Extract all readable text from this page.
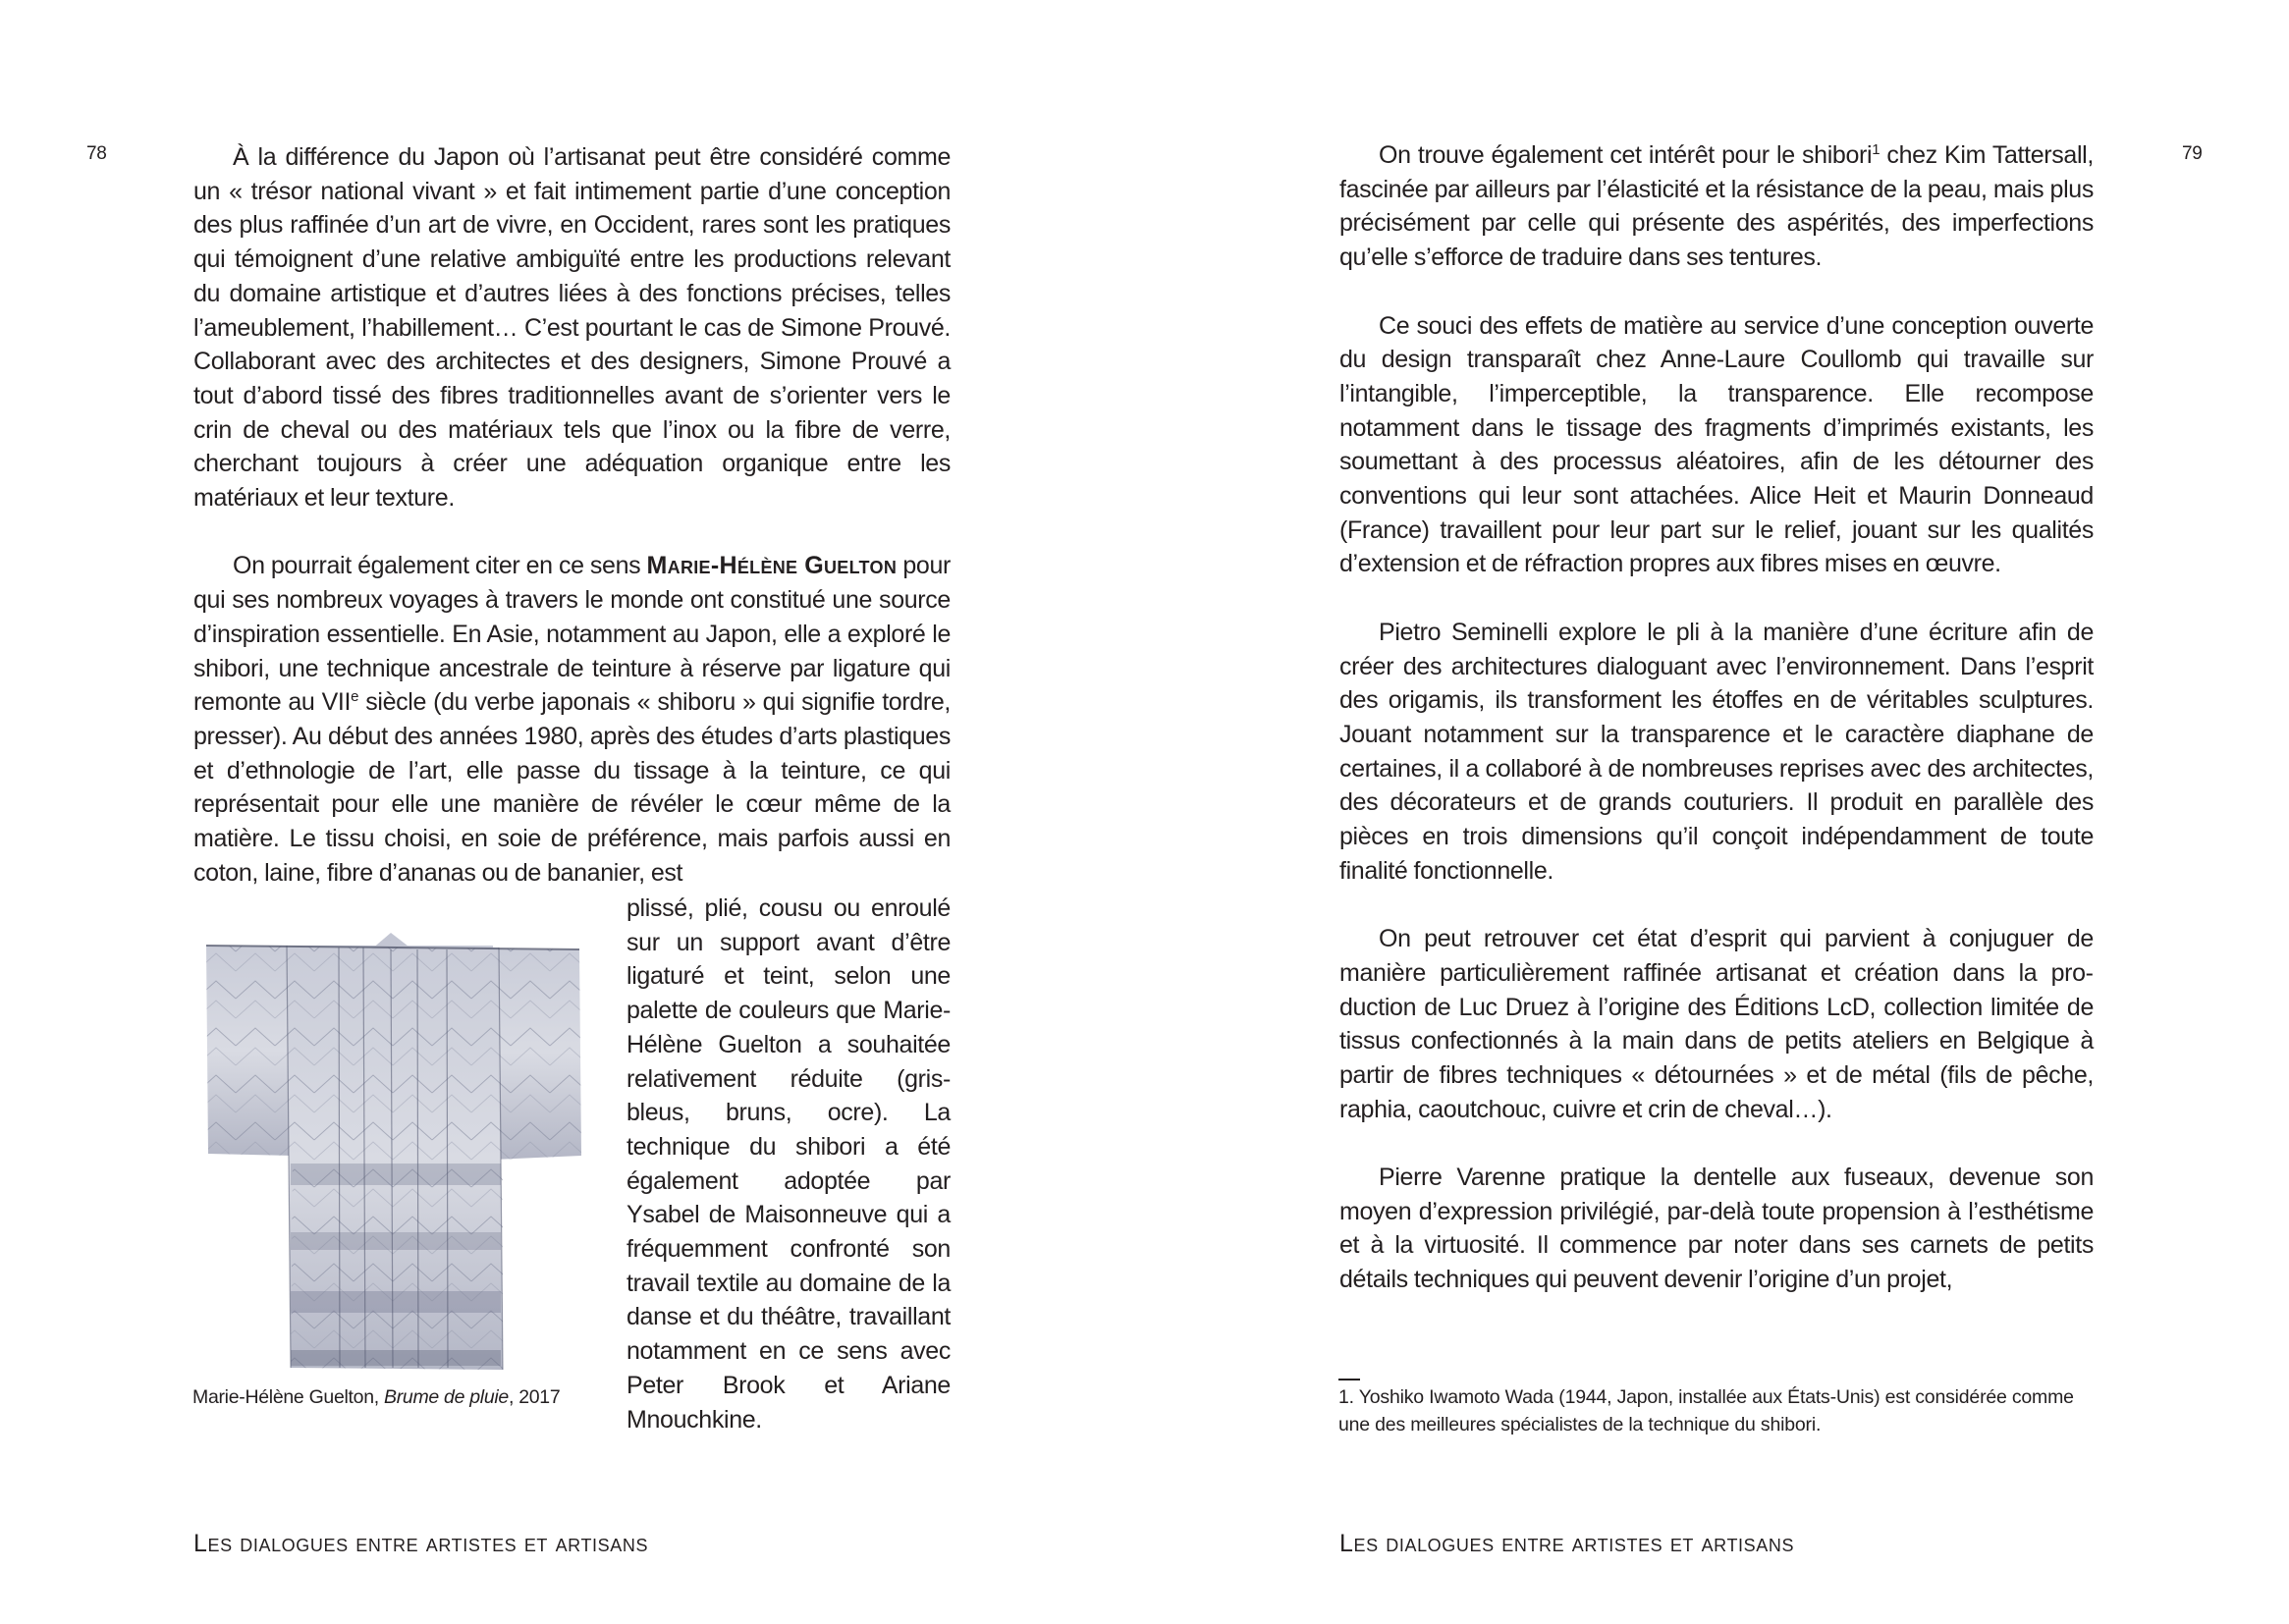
78	À la différence du Japon où l’artisanat peut être considéré comme un « trésor national vivant » et fait intimement partie d’une conception des plus raffinée d’un art de vivre, en Occident, rares sont les pratiques qui témoignent d’une relative ambiguïté entre les productions relevant du domaine artistique et d’autres liées à des fonctions précises, telles l’ameublement, l’habillement… C’est pourtant le cas de Simone Prouvé. Collaborant avec des architectes et des designers, Simone Prouvé a tout d’abord tissé des fibres traditionnelles avant de s’orienter vers le crin de cheval ou des matériaux tels que l’inox ou la fibre de verre, cherchant toujours à créer une adéquation organique entre les matériaux et leur texture.

On pourrait également citer en ce sens Marie-Hélène Guelton pour qui ses nombreux voyages à travers le monde ont constitué une source d’inspiration essentielle. En Asie, notamment au Japon, elle a exploré le shibori, une technique ancestrale de teinture à réserve par ligature qui remonte au VIIe siècle (du verbe japonais « shiboru » qui signifie tordre, presser). Au début des années 1980, après des études d’arts plastiques et d’ethnologie de l’art, elle passe du tissage à la teinture, ce qui représentait pour elle une manière de révéler le cœur même de la matière. Le tissu choisi, en soie de préférence, mais parfois aussi en coton, laine, fibre d’ananas ou de bananier, est

Marie-Hélène Guelton, Brume de pluie, 2017

plissé, plié, cousu ou enroulé sur un support avant d’être ligaturé et teint, selon une palette de couleurs que Marie-Hélène Guelton a souhaitée relativement réduite (gris-bleus, bruns, ocre). La technique du shibori a été également adoptée par Ysabel de Maisonneuve qui a fréquemment confronté son travail textile au domaine de la danse et du théâtre, travaillant notamment en ce sens avec Peter Brook et Ariane Mnouchkine.

Les dialogues entre artistes et artisans
79

On trouve également cet intérêt pour le shibori$^1$ chez Kim Tattersall, fascinée par ailleurs par l’élasticité et la résistance de la peau, mais plus précisément par celle qui présente des aspérités, des imperfections qu’elle s’efforce de traduire dans ses tentures.

Ce souci des effets de matière au service d’une conception ouverte du design transparaît chez Anne-Laure Coullomb qui travaille sur l’intangible, l’imperceptible, la transparence. Elle recompose notamment dans le tissage des fragments d’imprimés existants, les soumettant à des processus aléatoires, afin de les détourner des conventions qui leur sont attachées. Alice Heit et Maurin Donneaud (France) travaillent pour leur part sur le relief, jouant sur les qualités d’extension et de réfraction propres aux fibres mises en œuvre.

Pietro Seminelli explore le pli à la manière d’une écriture afin de créer des architectures dialoguant avec l’environnement. Dans l’esprit des origamis, ils transforment les étoffes en de véritables sculptures. Jouant notamment sur la transparence et le caractère diaphane de certaines, il a collaboré à de nombreuses reprises avec des architectes, des décorateurs et de grands couturiers. Il produit en parallèle des pièces en trois dimensions qu’il conçoit indépendamment de toute finalité fonctionnelle.

On peut retrouver cet état d’esprit qui parvient à conjuguer de manière particulièrement raffinée artisanat et création dans la production de Luc Druez à l’origine des Éditions LcD, collection limitée de tissus confectionnés à la main dans de petits ateliers en Belgique à partir de fibres techniques « détournées » et de métal (fils de pêche, raphia, caoutchouc, cuivre et crin de cheval…).

Pierre Varenne pratique la dentelle aux fuseaux, devenue son moyen d’expression privilégié, par-delà toute propension à l’esthétisme et à la virtuosité. Il commence par noter dans ses carnets de petits détails techniques qui peuvent devenir l’origine d’un projet,

1. Yoshiko Iwamoto Wada (1944, Japon, installée aux États-Unis) est considérée comme une des meilleures spécialistes de la technique du shibori.

Les dialogues entre artistes et artisans
